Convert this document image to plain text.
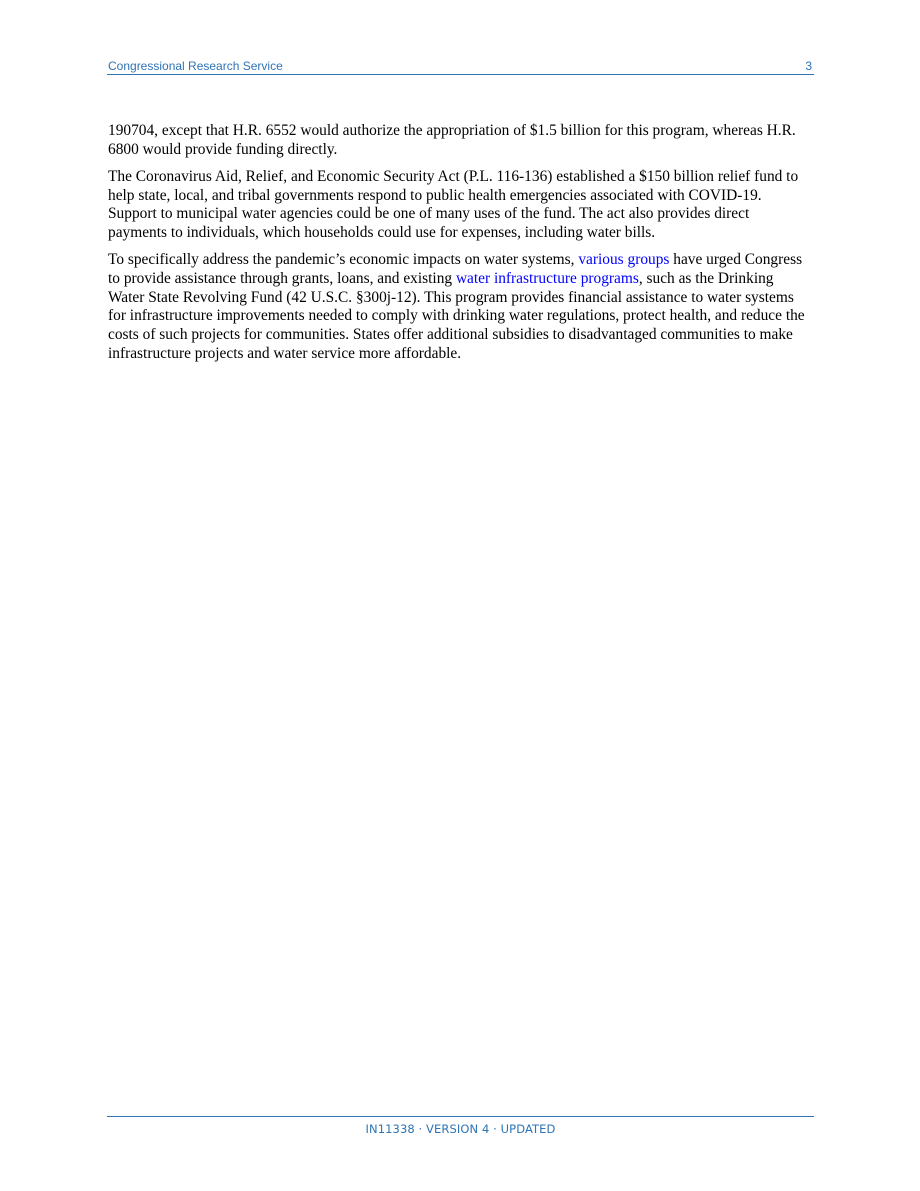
Congressional Research Service	3

190704, except that H.R. 6552 would authorize the appropriation of $1.5 billion for this program, whereas H.R. 6800 would provide funding directly.

The Coronavirus Aid, Relief, and Economic Security Act (P.L. 116-136) established a $150 billion relief fund to help state, local, and tribal governments respond to public health emergencies associated with COVID-19. Support to municipal water agencies could be one of many uses of the fund. The act also provides direct payments to individuals, which households could use for expenses, including water bills.

To specifically address the pandemic’s economic impacts on water systems, various groups have urged Congress to provide assistance through grants, loans, and existing water infrastructure programs, such as the Drinking Water State Revolving Fund (42 U.S.C. §300j-12). This program provides financial assistance to water systems for infrastructure improvements needed to comply with drinking water regulations, protect health, and reduce the costs of such projects for communities. States offer additional subsidies to disadvantaged communities to make infrastructure projects and water service more affordable.

IN11338 · VERSION 4 · UPDATED
